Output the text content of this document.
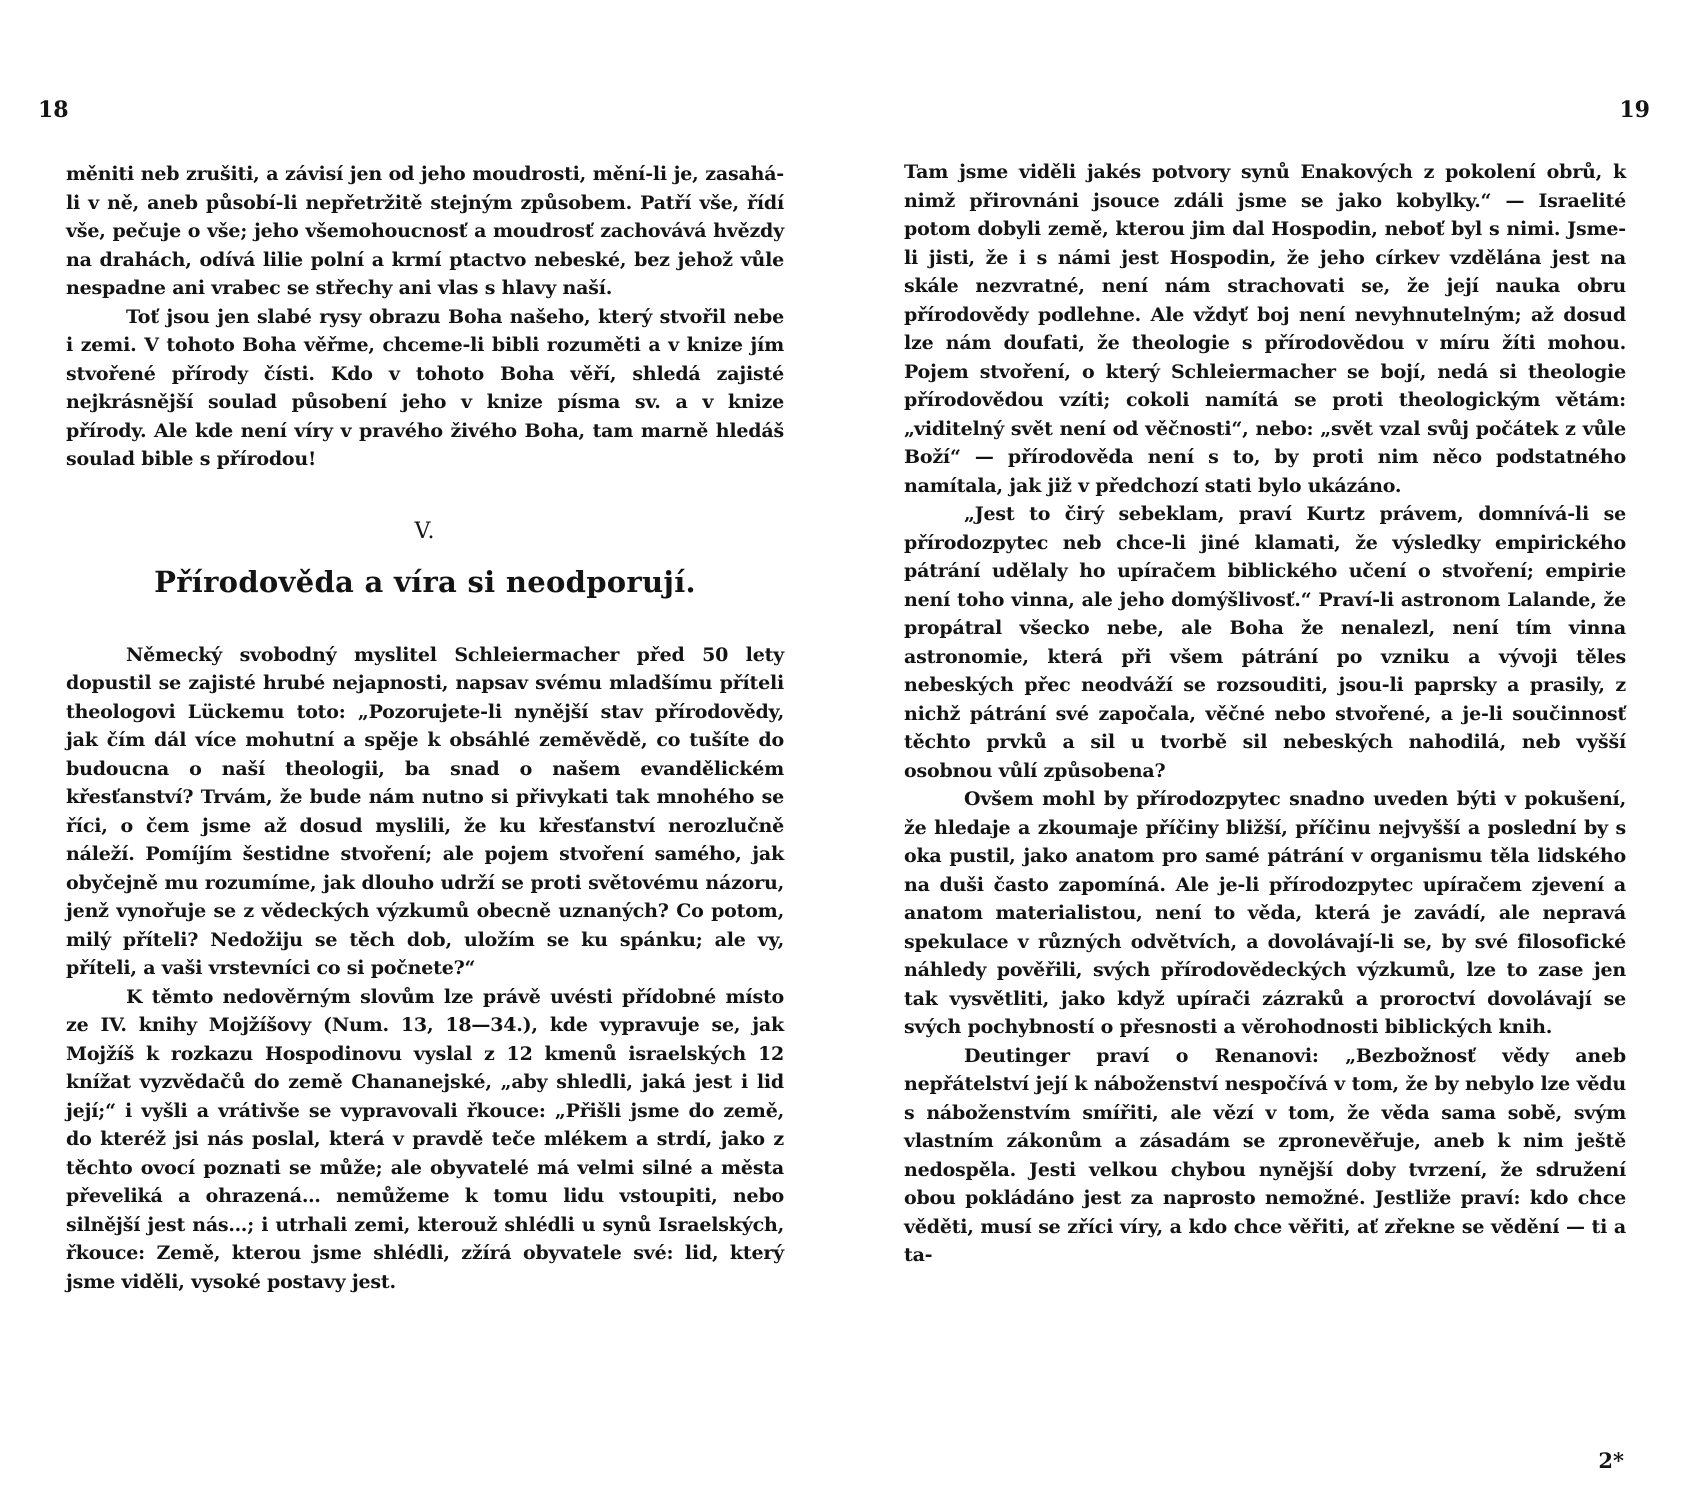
18

měniti neb zrušiti, a závisí jen od jeho moudrosti, mění-li je, zasahá-li v ně, aneb působí-li nepřetržitě stejným způsobem. Patří vše, řídí vše, pečuje o vše; jeho všemohoucnosť a moudrosť zachovává hvězdy na drahách, odívá lilie polní a krmí ptactvo nebeské, bez jehož vůle nespadne ani vrabec se střechy ani vlas s hlavy naší.

Toť jsou jen slabé rysy obrazu Boha našeho, který stvořil nebe i zemi. V tohoto Boha věřme, chceme-li bibli rozuměti a v knize jím stvořené přírody čísti. Kdo v tohoto Boha věří, shledá zajisté nejkrásnější soulad působení jeho v knize písma sv. a v knize přírody. Ale kde není víry v pravého živého Boha, tam marně hledáš soulad bible s přírodou!

V.
Přírodověda a víra si neodporují.

Německý svobodný myslitel Schleiermacher před 50 lety dopustil se zajisté hrubé nejapnosti, napsav svému mladšímu příteli theologovi Lückemu toto: „Pozorujete-li nynější stav přírodovědy, jak čím dál více mohutní a spěje k obsáhlé zeměvědě, co tušíte do budoucna o naší theologii, ba snad o našem evandělickém křesťanství? Trvám, že bude nám nutno si přivykati tak mnohého se říci, o čem jsme až dosud myslili, že ku křesťanství nerozlučně náleží. Pomíjím šestidne stvoření; ale pojem stvoření samého, jak obyčejně mu rozumíme, jak dlouho udrží se proti světovému názoru, jenž vynořuje se z vědeckých výzkumů obecně uznaných? Co potom, milý příteli? Nedožiju se těch dob, uložím se ku spánku; ale vy, příteli, a vaši vrstevníci co si počnete?“

K těmto nedověrným slovům lze právě uvésti přídobné místo ze IV. knihy Mojžíšovy (Num. 13, 18—34.), kde vypravuje se, jak Mojžíš k rozkazu Hospodinovu vyslal z 12 kmenů israelských 12 knížat vyzvědačů do země Chananejské, „aby shledli, jaká jest i lid její;“ i vyšli a vrátivše se vypravovali řkouce: „Přišli jsme do země, do kteréž jsi nás poslal, která v pravdě teče mlékem a strdí, jako z těchto ovocí poznati se může; ale obyvatelé má velmi silné a města převeliká a ohrazená… nemůžeme k tomu lidu vstoupiti, nebo silnější jest nás…; i utrhali zemi, kterouž shlédli u synů Israelských, řkouce: Země, kterou jsme shlédli, zžírá obyvatele své: lid, který jsme viděli, vysoké postavy jest.

19

Tam jsme viděli jakés potvory synů Enakových z pokolení obrů, k nimž přirovnáni jsouce zdáli jsme se jako kobylky.“ — Israelité potom dobyli země, kterou jim dal Hospodin, neboť byl s nimi. Jsme-li jisti, že i s námi jest Hospodin, že jeho církev vzdělána jest na skále nezvratné, není nám strachovati se, že její nauka obru přírodovědy podlehne. Ale vždyť boj není nevyhnutelným; až dosud lze nám doufati, že theologie s přírodovědou v míru žíti mohou. Pojem stvoření, o který Schleiermacher se bojí, nedá si theologie přírodovědou vzíti; cokoli namítá se proti theologickým větám: „viditelný svět není od věčnosti“, nebo: „svět vzal svůj počátek z vůle Boží“ — přírodověda není s to, by proti nim něco podstatného namítala, jak již v předchozí stati bylo ukázáno.

„Jest to čirý sebeklam, praví Kurtz právem, domnívá-li se přírodozpytec neb chce-li jiné klamati, že výsledky empirického pátrání udělaly ho upíračem biblického učení o stvoření; empirie není toho vinna, ale jeho domýšlivosť.“ Praví-li astronom Lalande, že propátral všecko nebe, ale Boha že nenalezl, není tím vinna astronomie, která při všem pátrání po vzniku a vývoji těles nebeských přec neodváží se rozsouditi, jsou-li paprsky a prasily, z nichž pátrání své započala, věčné nebo stvořené, a je-li součinnosť těchto prvků a sil u tvorbě sil nebeských nahodilá, neb vyšší osobnou vůlí způsobena?

Ovšem mohl by přírodozpytec snadno uveden býti v pokušení, že hledaje a zkoumaje příčiny bližší, příčinu nejvyšší a poslední by s oka pustil, jako anatom pro samé pátrání v organismu těla lidského na duši často zapomíná. Ale je-li přírodozpytec upíračem zjevení a anatom materialistou, není to věda, která je zavádí, ale nepravá spekulace v různých odvětvích, a dovolávají-li se, by své filosofické náhledy pověřili, svých přírodovědeckých výzkumů, lze to zase jen tak vysvětliti, jako když upírači zázraků a proroctví dovolávají se svých pochybností o přesnosti a věrohodnosti biblických knih.

Deutinger praví o Renanovi: „Bezbožnosť vědy aneb nepřátelství její k náboženství nespočívá v tom, že by nebylo lze vědu s náboženstvím smířiti, ale vězí v tom, že věda sama sobě, svým vlastním zákonům a zásadám se zpronevěřuje, aneb k nim ještě nedospěla. Jesti velkou chybou nynější doby tvrzení, že sdružení obou pokládáno jest za naprosto nemožné. Jestliže praví: kdo chce věděti, musí se zříci víry, a kdo chce věřiti, ať zřekne se vědění — ti a ta-

2*
